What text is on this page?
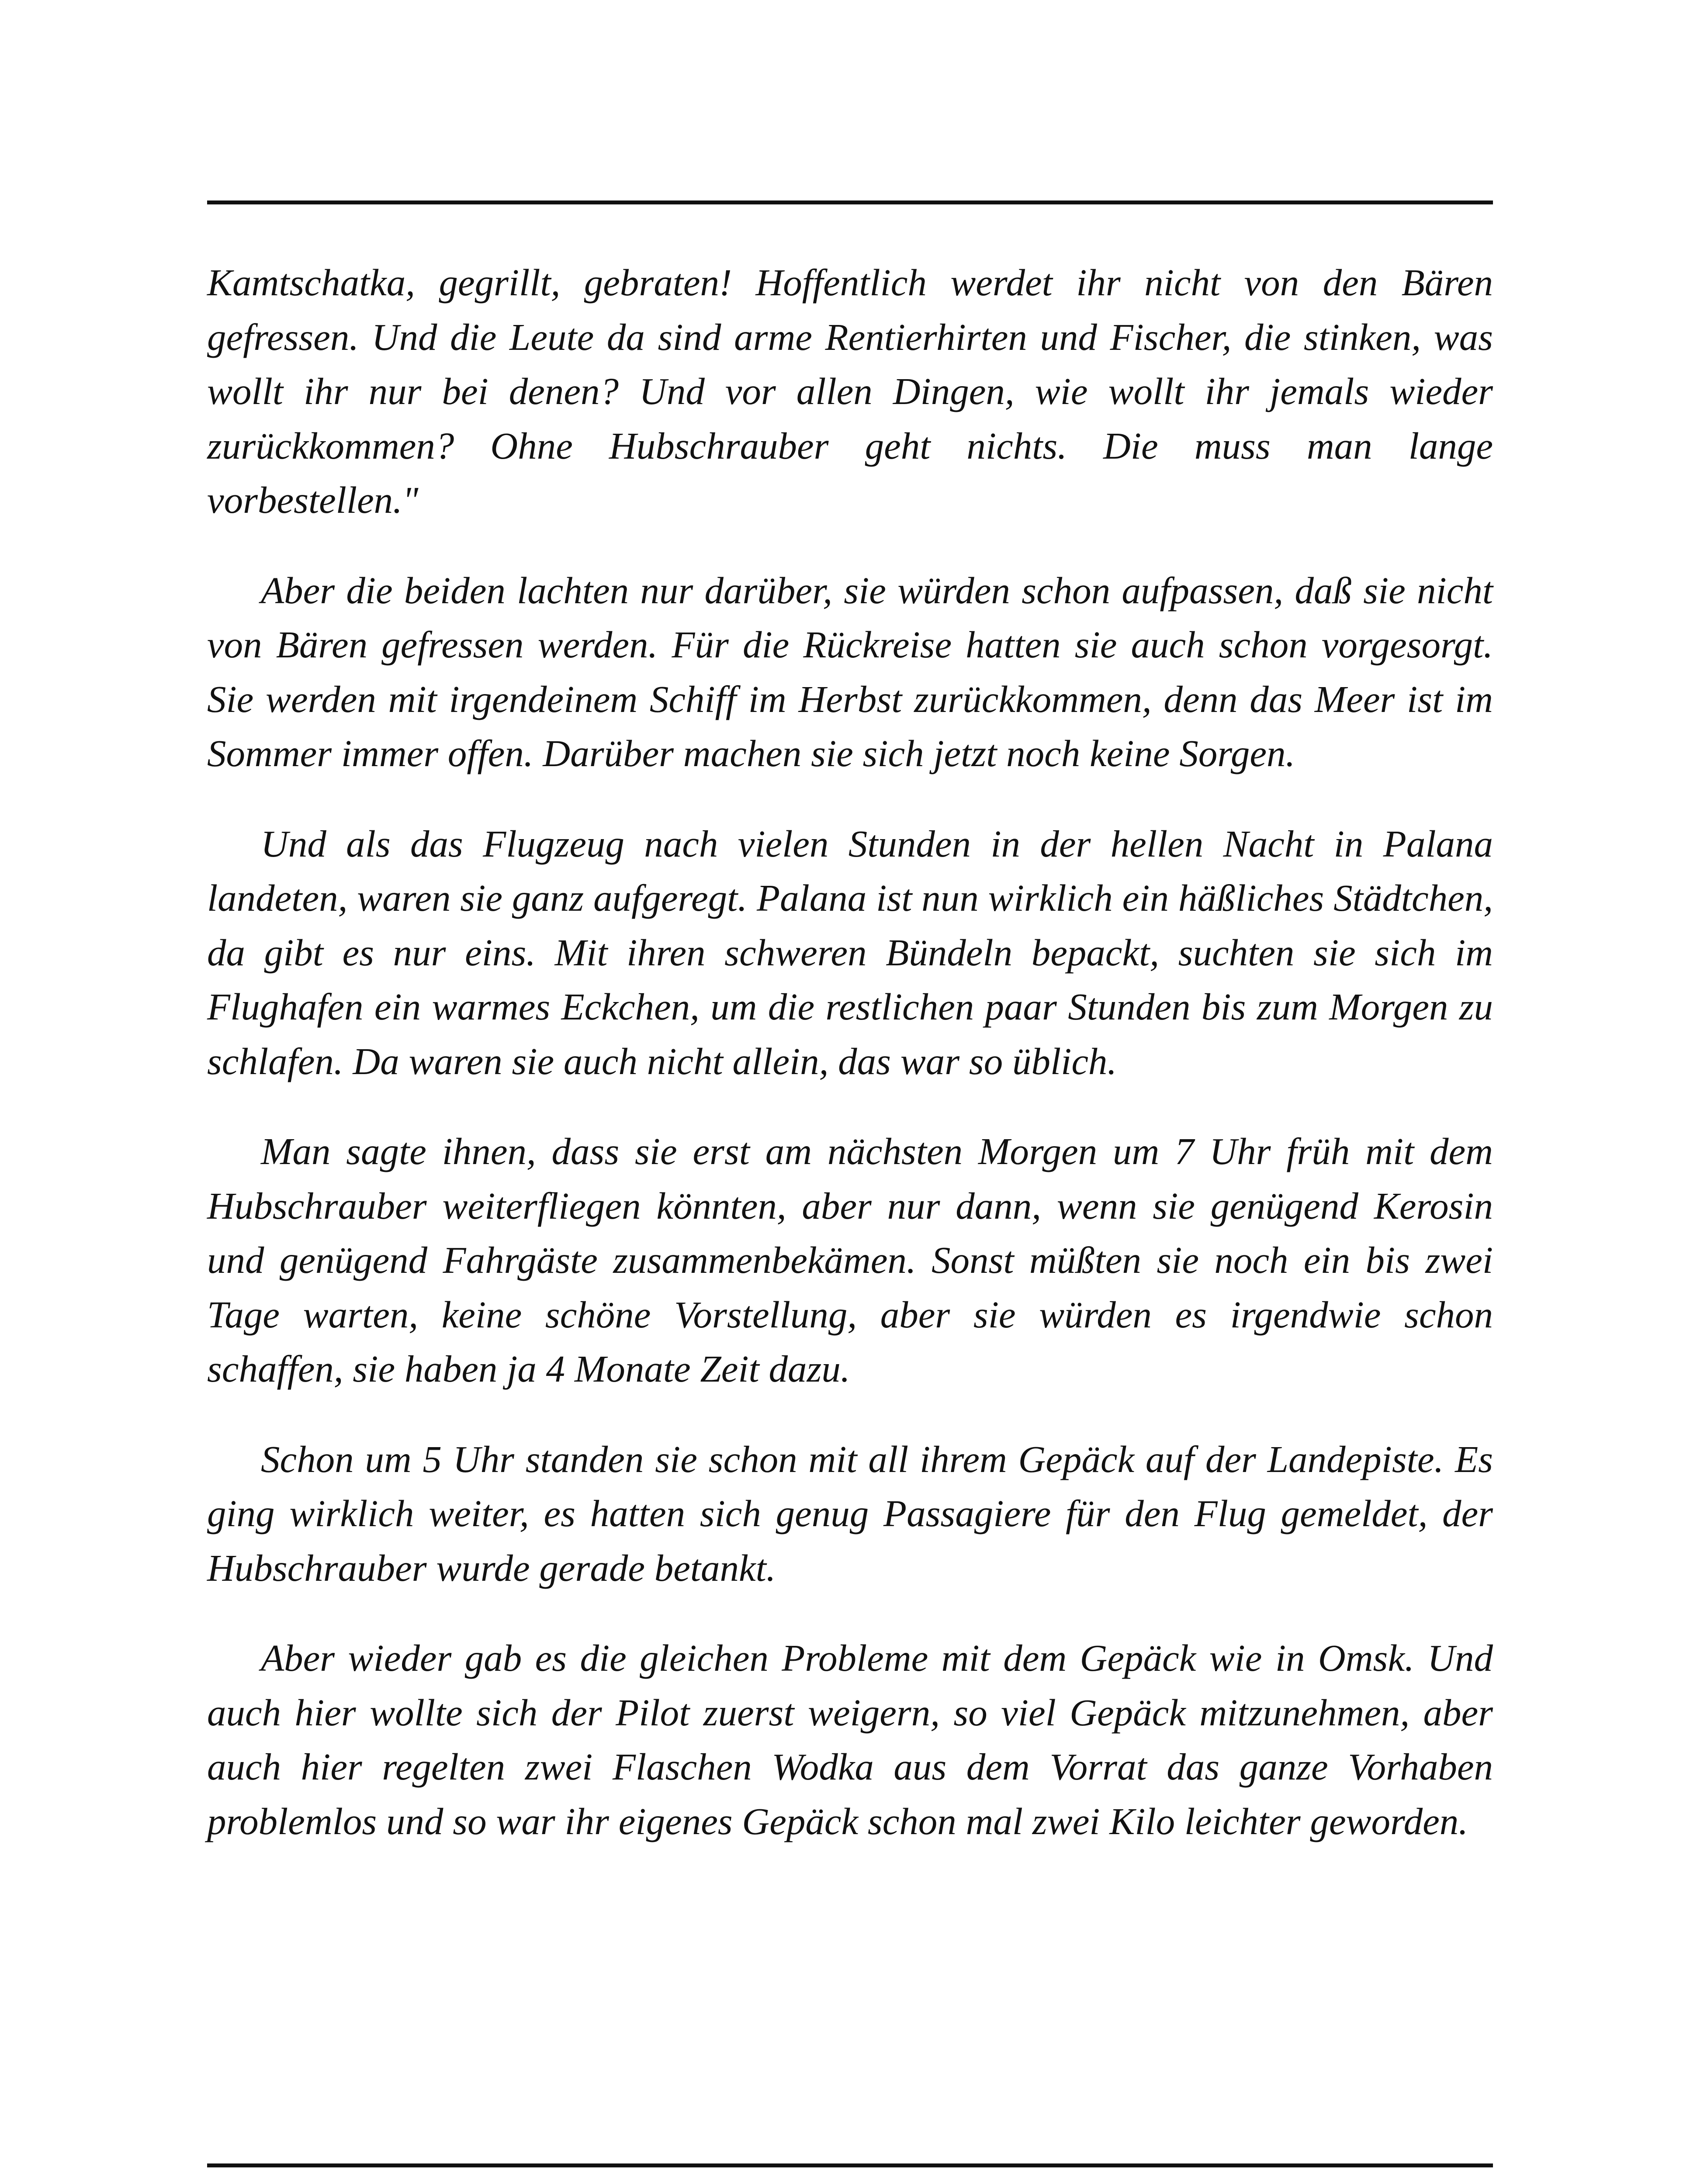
Kamtschatka, gegrillt, gebraten! Hoffentlich werdet ihr nicht von den Bären gefressen. Und die Leute da sind arme Rentierhirten und Fischer, die stinken, was wollt ihr nur bei denen? Und vor allen Dingen, wie wollt ihr jemals wieder zurückkommen? Ohne Hubschrauber geht nichts. Die muss man lange vorbestellen."

Aber die beiden lachten nur darüber, sie würden schon aufpassen, daß sie nicht von Bären gefressen werden. Für die Rückreise hatten sie auch schon vorgesorgt. Sie werden mit irgendeinem Schiff im Herbst zurückkommen, denn das Meer ist im Sommer immer offen. Darüber machen sie sich jetzt noch keine Sorgen.

Und als das Flugzeug nach vielen Stunden in der hellen Nacht in Palana landeten, waren sie ganz aufgeregt. Palana ist nun wirklich ein häßliches Städtchen, da gibt es nur eins. Mit ihren schweren Bündeln bepackt, suchten sie sich im Flughafen ein warmes Eckchen, um die restlichen paar Stunden bis zum Morgen zu schlafen. Da waren sie auch nicht allein, das war so üblich.

Man sagte ihnen, dass sie erst am nächsten Morgen um 7 Uhr früh mit dem Hubschrauber weiterfliegen könnten, aber nur dann, wenn sie genügend Kerosin und genügend Fahrgäste zusammenbekämen. Sonst müßten sie noch ein bis zwei Tage warten, keine schöne Vorstellung, aber sie würden es irgendwie schon schaffen, sie haben ja 4 Monate Zeit dazu.

Schon um 5 Uhr standen sie schon mit all ihrem Gepäck auf der Landepiste. Es ging wirklich weiter, es hatten sich genug Passagiere für den Flug gemeldet, der Hubschrauber wurde gerade betankt.

Aber wieder gab es die gleichen Probleme mit dem Gepäck wie in Omsk. Und auch hier wollte sich der Pilot zuerst weigern, so viel Gepäck mitzunehmen, aber auch hier regelten zwei Flaschen Wodka aus dem Vorrat das ganze Vorhaben problemlos und so war ihr eigenes Gepäck schon mal zwei Kilo leichter geworden.
